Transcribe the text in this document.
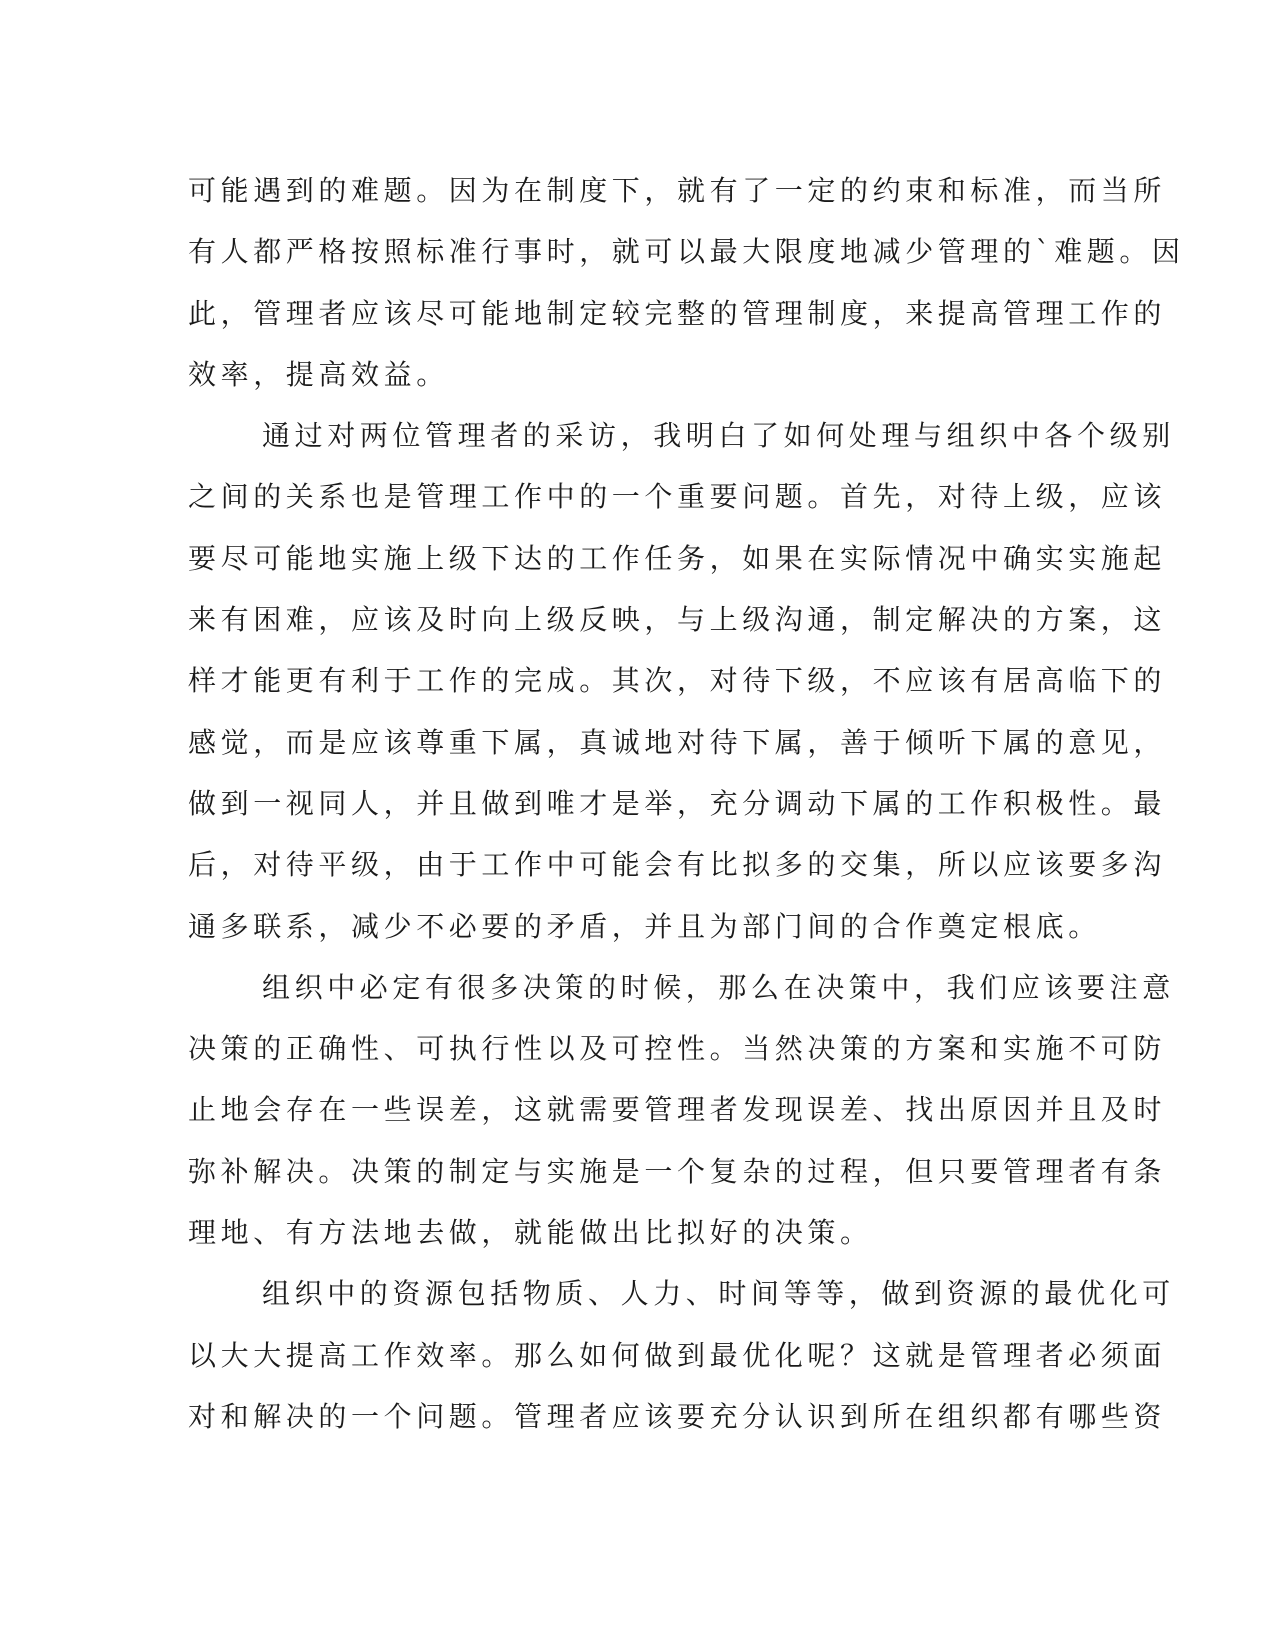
可能遇到的难题。因为在制度下，就有了一定的约束和标准，而当所
有人都严格按照标准行事时，就可以最大限度地减少管理的`难题。因
此，管理者应该尽可能地制定较完整的管理制度，来提高管理工作的
效率，提高效益。
通过对两位管理者的采访，我明白了如何处理与组织中各个级别
之间的关系也是管理工作中的一个重要问题。首先，对待上级，应该
要尽可能地实施上级下达的工作任务，如果在实际情况中确实实施起
来有困难，应该及时向上级反映，与上级沟通，制定解决的方案，这
样才能更有利于工作的完成。其次，对待下级，不应该有居高临下的
感觉，而是应该尊重下属，真诚地对待下属，善于倾听下属的意见，
做到一视同人，并且做到唯才是举，充分调动下属的工作积极性。最
后，对待平级，由于工作中可能会有比拟多的交集，所以应该要多沟
通多联系，减少不必要的矛盾，并且为部门间的合作奠定根底。
组织中必定有很多决策的时候，那么在决策中，我们应该要注意
决策的正确性、可执行性以及可控性。当然决策的方案和实施不可防
止地会存在一些误差，这就需要管理者发现误差、找出原因并且及时
弥补解决。决策的制定与实施是一个复杂的过程，但只要管理者有条
理地、有方法地去做，就能做出比拟好的决策。
组织中的资源包括物质、人力、时间等等，做到资源的最优化可
以大大提高工作效率。那么如何做到最优化呢？这就是管理者必须面
对和解决的一个问题。管理者应该要充分认识到所在组织都有哪些资
